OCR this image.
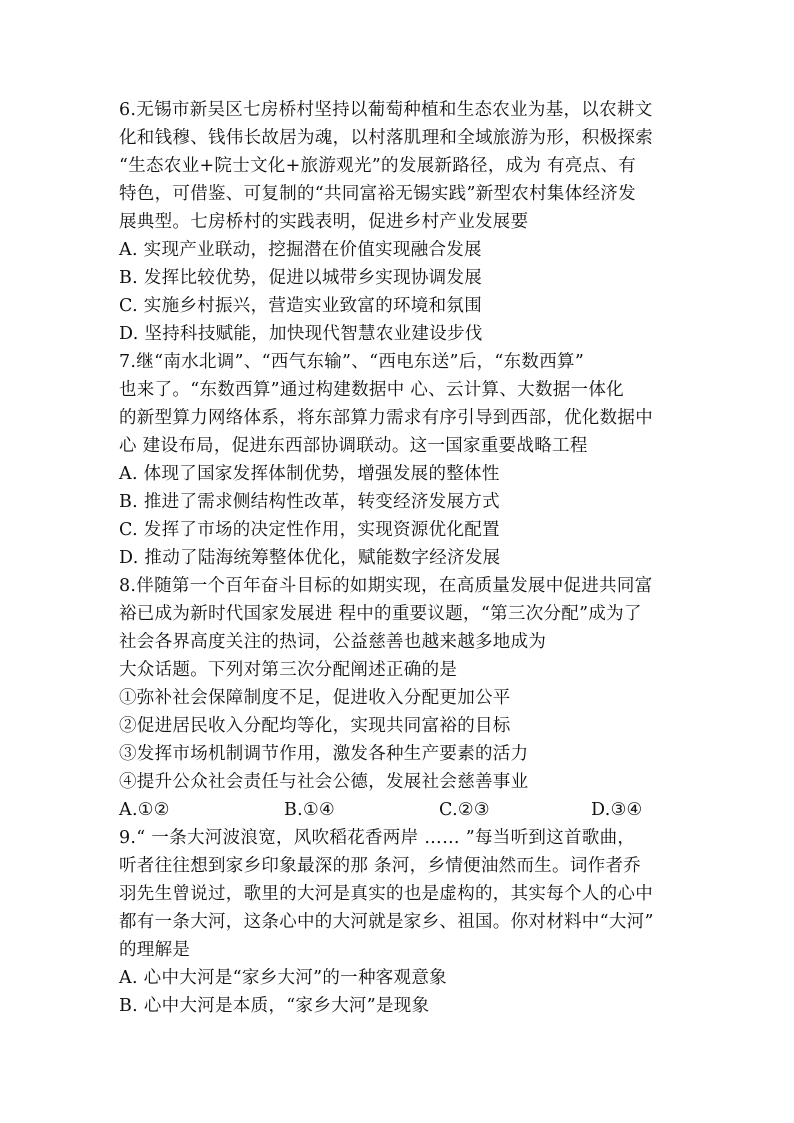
6.无锡市新吴区七房桥村坚持以葡萄种植和生态农业为基，以农耕文
化和钱穆、钱伟长故居为魂，以村落肌理和全域旅游为形，积极探索
“生态农业+院士文化+旅游观光”的发展新路径，成为 有亮点、有
特色，可借鉴、可复制的“共同富裕无锡实践”新型农村集体经济发
展典型。七房桥村的实践表明，促进乡村产业发展要
A. 实现产业联动，挖掘潜在价值实现融合发展
B. 发挥比较优势，促进以城带乡实现协调发展
C. 实施乡村振兴，营造实业致富的环境和氛围
D. 坚持科技赋能，加快现代智慧农业建设步伐
7.继“南水北调”、“西气东输”、“西电东送”后，“东数西算”
也来了。“东数西算”通过构建数据中 心、云计算、大数据一体化
的新型算力网络体系，将东部算力需求有序引导到西部，优化数据中
心 建设布局，促进东西部协调联动。这一国家重要战略工程
A. 体现了国家发挥体制优势，增强发展的整体性
B. 推进了需求侧结构性改革，转变经济发展方式
C. 发挥了市场的决定性作用，实现资源优化配置
D. 推动了陆海统筹整体优化，赋能数字经济发展
8.伴随第一个百年奋斗目标的如期实现，在高质量发展中促进共同富
裕已成为新时代国家发展进 程中的重要议题，“第三次分配”成为了
社会各界高度关注的热词，公益慈善也越来越多地成为
大众话题。下列对第三次分配阐述正确的是
①弥补社会保障制度不足，促进收入分配更加公平
②促进居民收入分配均等化，实现共同富裕的目标
③发挥市场机制调节作用，激发各种生产要素的活力
④提升公众社会责任与社会公德，发展社会慈善事业
A.①②	B.①④	C.②③	D.③④
9.“ 一条大河波浪宽，风吹稻花香两岸 …… ”每当听到这首歌曲，
听者往往想到家乡印象最深的那 条河，乡情便油然而生。词作者乔
羽先生曾说过，歌里的大河是真实的也是虚构的，其实每个人的心中
都有一条大河，这条心中的大河就是家乡、祖国。你对材料中“大河”
的理解是
A. 心中大河是“家乡大河”的一种客观意象
B. 心中大河是本质，“家乡大河”是现象
